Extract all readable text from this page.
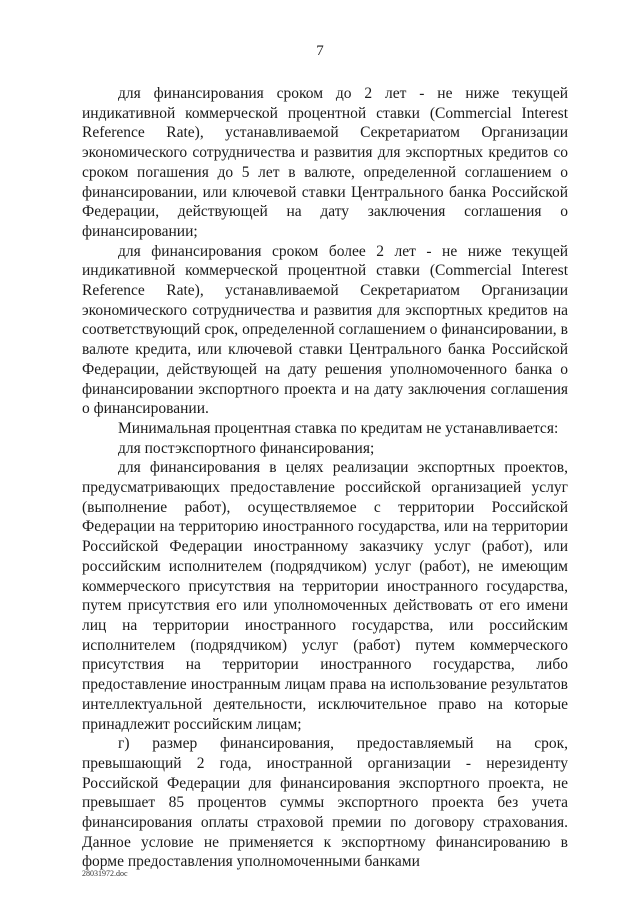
7

для финансирования сроком до 2 лет - не ниже текущей индикативной коммерческой процентной ставки (Commercial Interest Reference Rate), устанавливаемой Секретариатом Организации экономического сотрудничества и развития для экспортных кредитов со сроком погашения до 5 лет в валюте, определенной соглашением о финансировании, или ключевой ставки Центрального банка Российской Федерации, действующей на дату заключения соглашения о финансировании;

для финансирования сроком более 2 лет - не ниже текущей индикативной коммерческой процентной ставки (Commercial Interest Reference Rate), устанавливаемой Секретариатом Организации экономического сотрудничества и развития для экспортных кредитов на соответствующий срок, определенной соглашением о финансировании, в валюте кредита, или ключевой ставки Центрального банка Российской Федерации, действующей на дату решения уполномоченного банка о финансировании экспортного проекта и на дату заключения соглашения о финансировании.

Минимальная процентная ставка по кредитам не устанавливается:

для постэкспортного финансирования;

для финансирования в целях реализации экспортных проектов, предусматривающих предоставление российской организацией услуг (выполнение работ), осуществляемое с территории Российской Федерации на территорию иностранного государства, или на территории Российской Федерации иностранному заказчику услуг (работ), или российским исполнителем (подрядчиком) услуг (работ), не имеющим коммерческого присутствия на территории иностранного государства, путем присутствия его или уполномоченных действовать от его имени лиц на территории иностранного государства, или российским исполнителем (подрядчиком) услуг (работ) путем коммерческого присутствия на территории иностранного государства, либо предоставление иностранным лицам права на использование результатов интеллектуальной деятельности, исключительное право на которые принадлежит российским лицам;

г) размер финансирования, предоставляемый на срок, превышающий 2 года, иностранной организации - нерезиденту Российской Федерации для финансирования экспортного проекта, не превышает 85 процентов суммы экспортного проекта без учета финансирования оплаты страховой премии по договору страхования. Данное условие не применяется к экспортному финансированию в форме предоставления уполномоченными банками

28031972.doc
